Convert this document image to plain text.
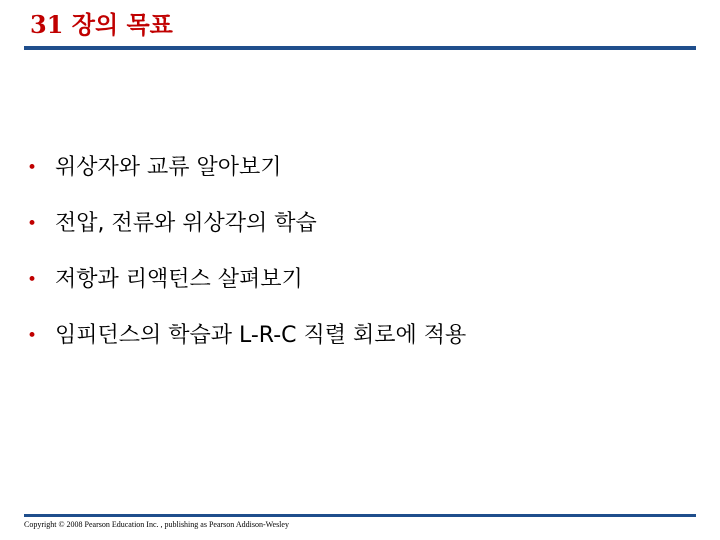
31 장의 목표
• 위상자와 교류 알아보기
• 전압, 전류와 위상각의 학습
• 저항과 리액턴스 살펴보기
• 임피던스의 학습과 L-R-C 직렬 회로에 적용
Copyright © 2008 Pearson Education Inc. , publishing as Pearson Addison-Wesley
